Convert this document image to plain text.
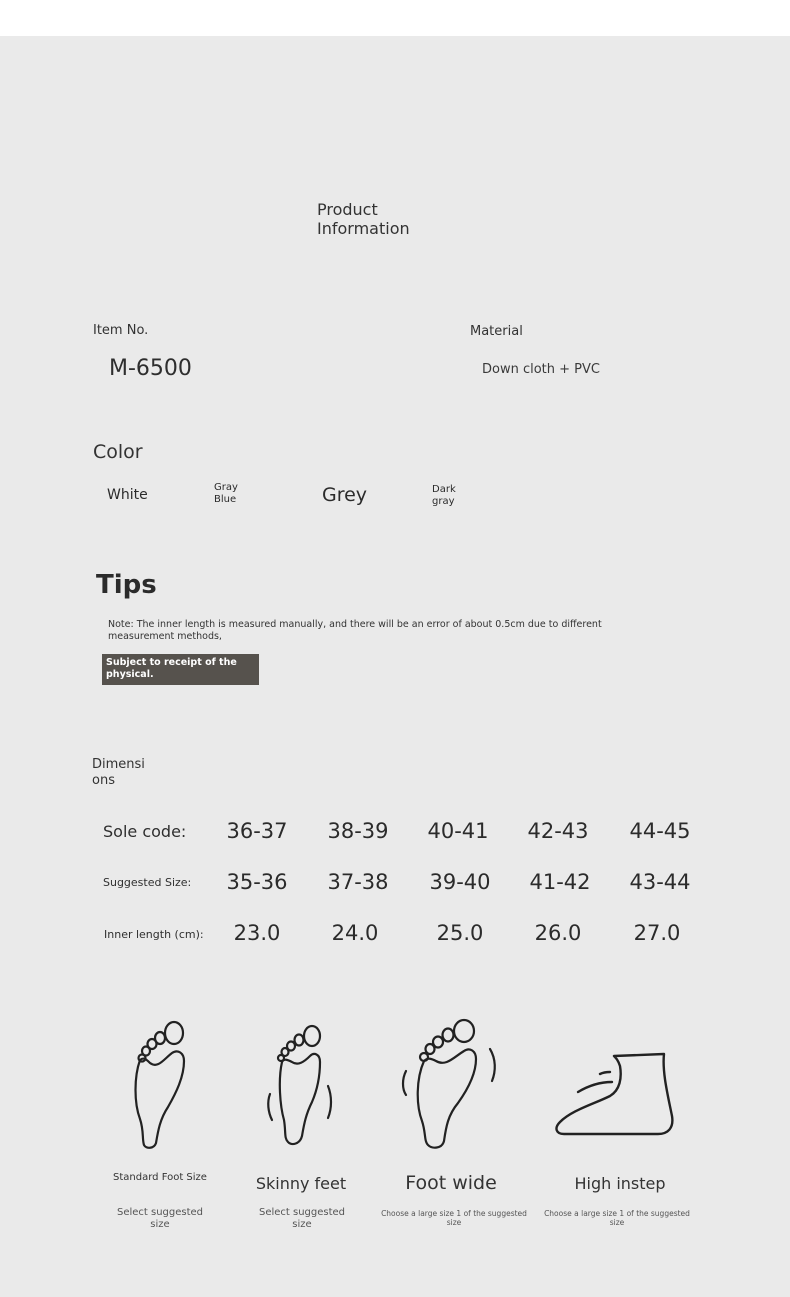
Product Information
Item No.
M-6500
Material
Down cloth + PVC
Color
White	Gray Blue	Grey	Dark gray
Tips
Note: The inner length is measured manually, and there will be an error of about 0.5cm due to different measurement methods,
Subject to receipt of the physical.
Dimensi ons
Sole code:	36-37	38-39	40-41	42-43	44-45
Suggested Size:	35-36	37-38	39-40	41-42	43-44
Inner length (cm):	23.0	24.0	25.0	26.0	27.0
Standard Foot Size
Select suggested size
Skinny feet
Select suggested size
Foot wide
Choose a large size 1 of the suggested size
High instep
Choose a large size 1 of the suggested size
